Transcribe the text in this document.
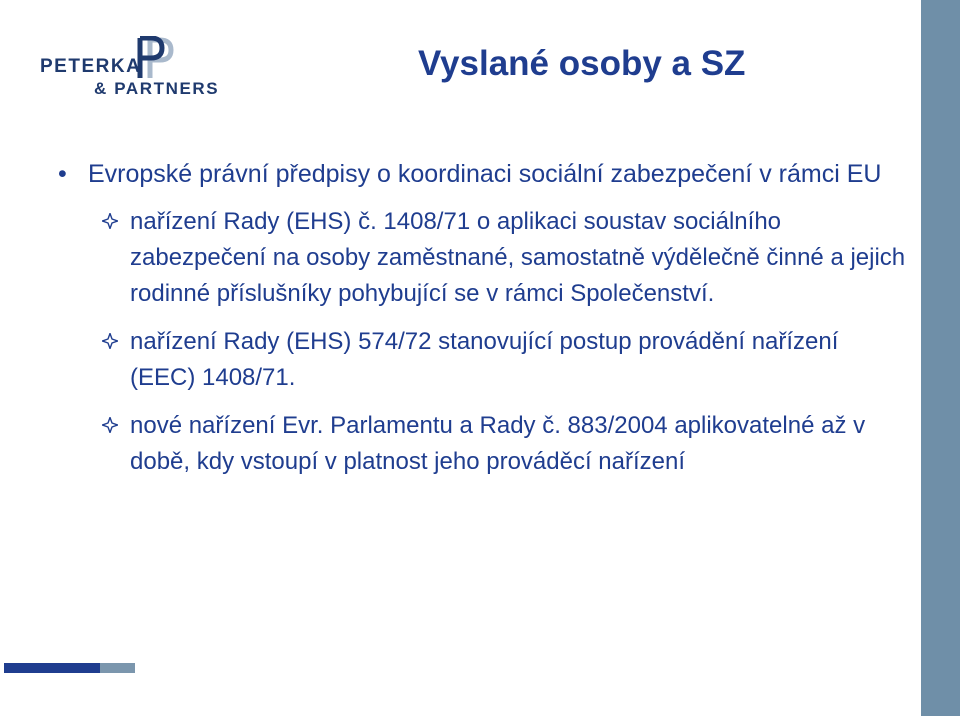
PETERKA
& PARTNERS
Vyslané osoby a SZ
• Evropské právní předpisy o koordinaci sociální zabezpečení v rámci EU
nařízení Rady (EHS) č. 1408/71 o aplikaci soustav sociálního zabezpečení na osoby zaměstnané, samostatně výdělečně činné a jejich rodinné příslušníky pohybující se v rámci Společenství.
nařízení Rady (EHS) 574/72 stanovující postup provádění nařízení (EEC) 1408/71.
nové nařízení Evr. Parlamentu a Rady č. 883/2004 aplikovatelné až v době, kdy vstoupí v platnost jeho prováděcí nařízení
